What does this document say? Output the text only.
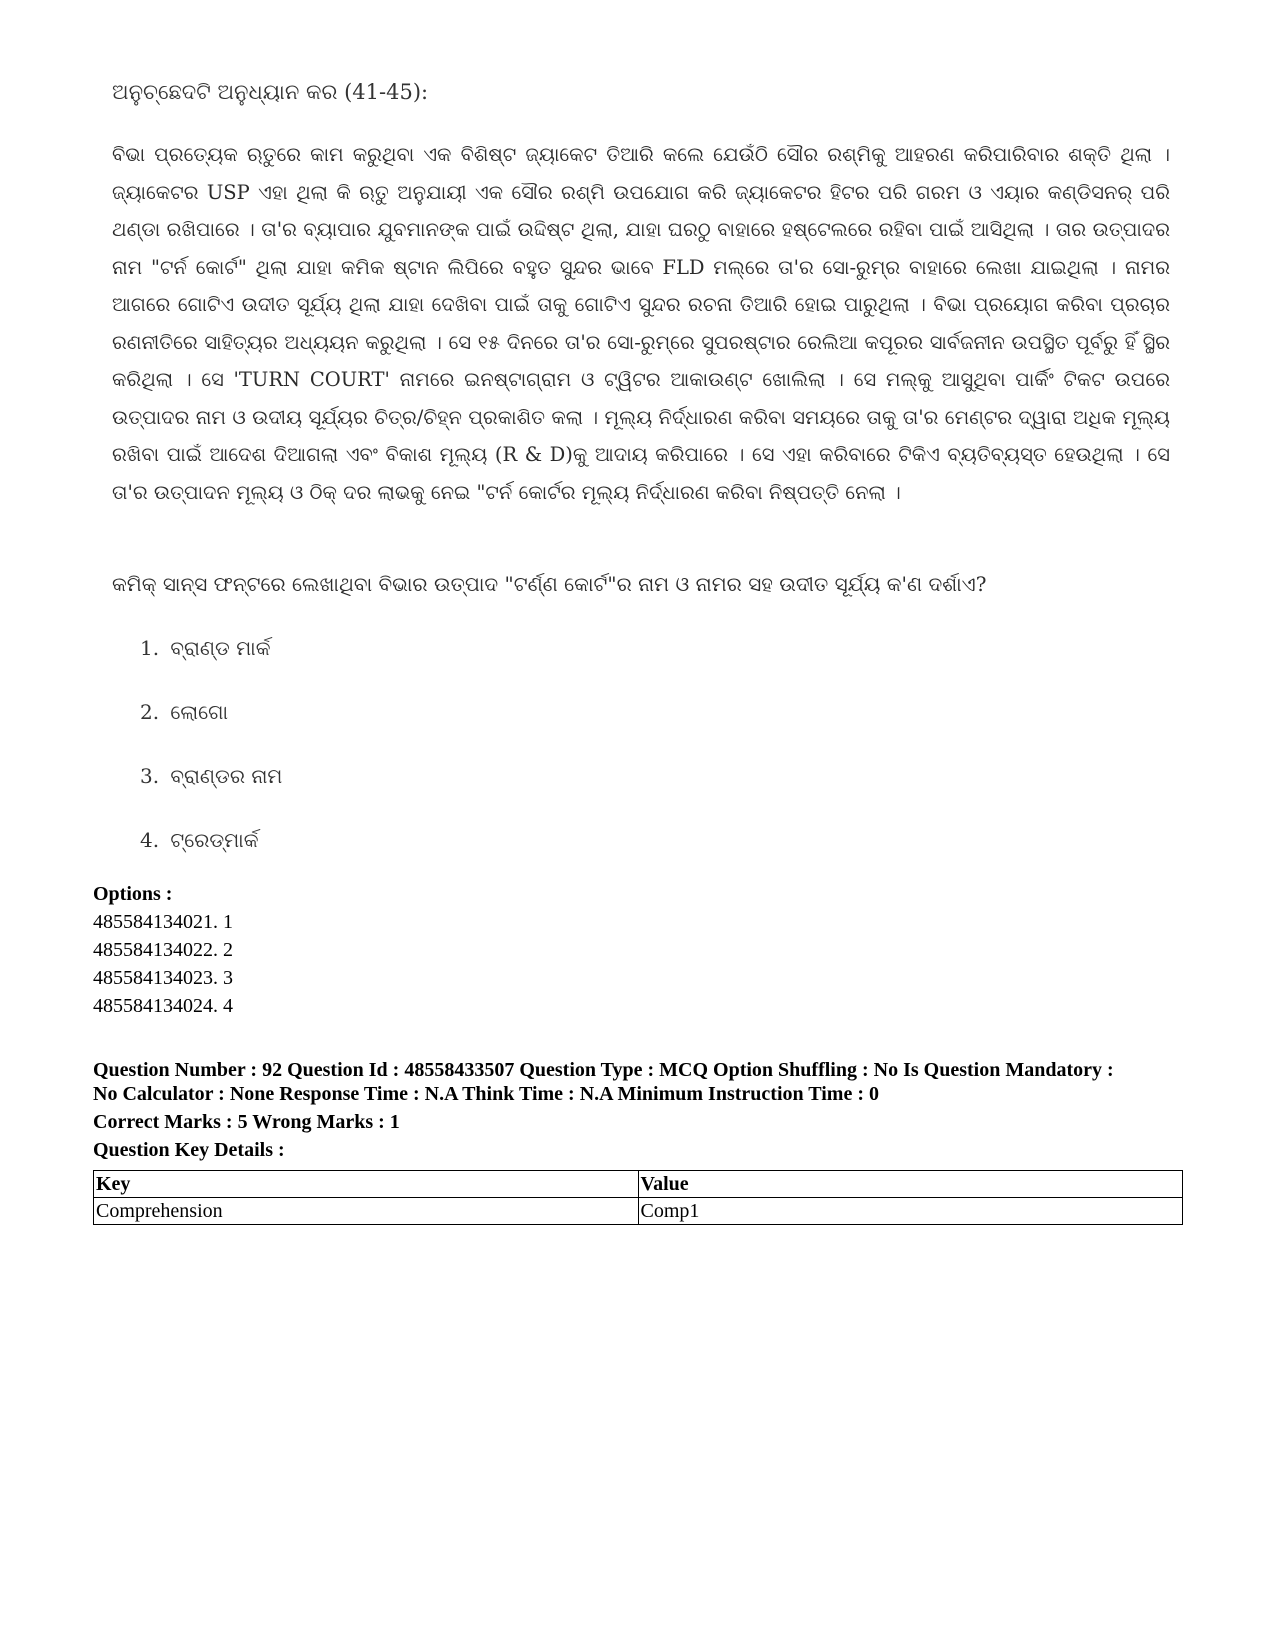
ଅନୁଚ୍ଛେଦଟି ଅନୁଧ୍ୟାନ କର (41-45):

ବିଭା ପ୍ରତ୍ୟେକ ଋତୁରେ କାମ କରୁଥିବା ଏକ ବିଶିଷ୍ଟ ଜ୍ୟାକେଟ ତିଆରି କଲେ ଯେଉଁଠି ସୌର ରଶ୍ମିକୁ ଆହରଣ କରିପାରିବାର ଶକ୍ତି ଥିଲା । ଜ୍ୟାକେଟର USP ଏହା ଥିଲା କି ଋତୁ ଅନୁଯାୟୀ ଏକ ସୌର ରଶ୍ମି ଉପଯୋଗ କରି ଜ୍ୟାକେଟର ହିଟର ପରି ଗରମ ଓ ଏୟାର କଣ୍ଡିସନର୍ ପରି ଥଣ୍ଡା ରଖିପାରେ । ତା'ର ବ୍ୟାପାର ଯୁବମାନଙ୍କ ପାଇଁ ଉଦ୍ଦିଷ୍ଟ ଥିଲା, ଯାହା ଘରଠୁ ବାହାରେ ହଷ୍ଟେଲରେ ରହିବା ପାଇଁ ଆସିଥିଲା । ତାର ଉତ୍ପାଦର ନାମ "ଟର୍ନ କୋର୍ଟ" ଥିଲା ଯାହା କମିକ ଷ୍ଟାନ ଲିପିରେ ବହୁତ ସୁନ୍ଦର ଭାବେ FLD ମଲ୍‌ରେ ତା'ର ସୋ-ରୁମ୍‌ର ବାହାରେ ଲେଖା ଯାଇଥିଲା । ନାମର ଆଗରେ ଗୋଟିଏ ଉଦୀତ ସୂର୍ଯ୍ୟ ଥିଲା ଯାହା ଦେଖିବା ପାଇଁ ତାକୁ ଗୋଟିଏ ସୁନ୍ଦର ରଚନା ତିଆରି ହୋଇ ପାରୁଥିଲା । ବିଭା ପ୍ରୟୋଗ କରିବା ପ୍ରଚାର ରଣନୀତିରେ ସାହିତ୍ୟର ଅଧ୍ୟୟନ କରୁଥିଲା । ସେ ୧୫ ଦିନରେ ତା'ର ସୋ-ରୁମ୍‌ରେ ସୁପରଷ୍ଟାର ରେଲିଆ କପୂରର ସାର୍ବଜନୀନ ଉପସ୍ଥିତ ପୂର୍ବରୁ ହିଁ ସ୍ଥିର କରିଥିଲା । ସେ 'TURN COURT' ନାମରେ ଇନଷ୍ଟାଗ୍ରାମ ଓ ଟ୍ୱିଟର ଆକାଉଣ୍ଟ ଖୋଲିଲା । ସେ ମଲ୍‌କୁ ଆସୁଥିବା ପାର୍କିଂ ଟିକଟ ଉପରେ ଉତ୍ପାଦର ନାମ ଓ ଉଦୀୟ ସୂର୍ଯ୍ୟର ଚିତ୍ର/ଚିହ୍ନ ପ୍ରକାଶିତ କଲା । ମୂଲ୍ୟ ନିର୍ଦ୍ଧାରଣ କରିବା ସମୟରେ ତାକୁ ତା'ର ମେଣ୍ଟର ଦ୍ୱାରା ଅଧିକ ମୂଲ୍ୟ ରଖିବା ପାଇଁ ଆଦେଶ ଦିଆଗଲା ଏବଂ ବିକାଶ ମୂଲ୍ୟ (R & D)କୁ ଆଦାୟ କରିପାରେ । ସେ ଏହା କରିବାରେ ଟିକିଏ ବ୍ୟତିବ୍ୟସ୍ତ ହେଉଥିଲା । ସେ ତା'ର ଉତ୍ପାଦନ ମୂଲ୍ୟ ଓ ଠିକ୍ ଦର ଲାଭକୁ ନେଇ "ଟର୍ନ କୋର୍ଟର ମୂଲ୍ୟ ନିର୍ଦ୍ଧାରଣ କରିବା ନିଷ୍ପତ୍ତି ନେଲା ।

କମିକ୍ ସାନ୍ସ ଫନ୍ଟରେ ଲେଖାଥିବା ବିଭାର ଉତ୍ପାଦ "ଟର୍ଣ୍ଣ କୋର୍ଟ"ର ନାମ ଓ ନାମର ସହ ଉଦୀତ ସୂର୍ଯ୍ୟ କ'ଣ ଦର୍ଶାଏ?
1. ବ୍ରାଣ୍ଡ ମାର୍କ
2. ଲୋଗୋ
3. ବ୍ରାଣ୍ଡର ନାମ
4. ଟ୍ରେଡ୍‌ମାର୍କ
Options :
485584134021. 1
485584134022. 2
485584134023. 3
485584134024. 4
Question Number : 92 Question Id : 48558433507 Question Type : MCQ Option Shuffling : No Is Question Mandatory :
No Calculator : None Response Time : N.A Think Time : N.A Minimum Instruction Time : 0
Correct Marks : 5 Wrong Marks : 1
Question Key Details :
Key	Value
Comprehension	Comp1
